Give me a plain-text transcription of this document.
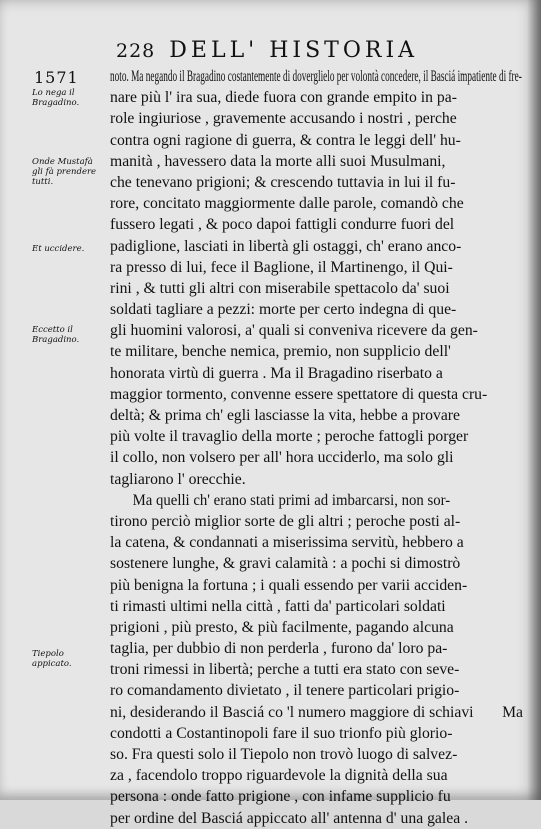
228 DELL' HISTORIA
1571
Lo nega il Bragadino.
Onde Mustafà gli fà prendere tutti.
Et uccidere.
Eccetto il Bragadino.
Tiepolo appicato.
noto. Ma negando il Bragadino costantemente di doverglielo per volontà concedere, il Basciá impatiente di fre-
nare più l' ira sua, diede fuora con grande empito in pa-
role ingiuriose , gravemente accusando i nostri , perche
contra ogni ragione di guerra, & contra le leggi dell' hu-
manità , havessero data la morte alli suoi Musulmani,
che tenevano prigioni; & crescendo tuttavia in lui il fu-
rore, concitato maggiormente dalle parole, comandò che
fussero legati , & poco dapoi fattigli condurre fuori del
padiglione, lasciati in libertà gli ostaggi, ch' erano anco-
ra presso di lui, fece il Baglione, il Martinengo, il Qui-
rini , & tutti gli altri con miserabile spettacolo da' suoi
soldati tagliare a pezzi: morte per certo indegna di que-
gli huomini valorosi, a' quali si conveniva ricevere da gen-
te militare, benche nemica, premio, non supplicio dell'
honorata virtù di guerra . Ma il Bragadino riserbato a
maggior tormento, convenne essere spettatore di questa cru-
deltà; & prima ch' egli lasciasse la vita, hebbe a provare
più volte il travaglio della morte ; peroche fattogli porger
il collo, non volsero per all' hora ucciderlo, ma solo gli
tagliarono l' orecchie.
Ma quelli ch' erano stati primi ad imbarcarsi, non sor-
tirono perciò miglior sorte de gli altri ; peroche posti al-
la catena, & condannati a miserissima servitù, hebbero a
sostenere lunghe, & gravi calamità : a pochi si dimostrò
più benigna la fortuna ; i quali essendo per varii acciden-
ti rimasti ultimi nella città , fatti da' particolari soldati
prigioni , più presto, & più facilmente, pagando alcuna
taglia, per dubbio di non perderla , furono da' loro pa-
troni rimessi in libertà; perche a tutti era stato con seve-
ro comandamento divietato , il tenere particolari prigio-
ni, desiderando il Basciá co 'l numero maggiore di schiavi
condotti a Costantinopoli fare il suo trionfo più glorio-
so. Fra questi solo il Tiepolo non trovò luogo di salvez-
za , facendolo troppo riguardevole la dignità della sua
persona : onde fatto prigione , con infame supplicio fu
per ordine del Basciá appiccato all' antenna d' una galea .
Ma
